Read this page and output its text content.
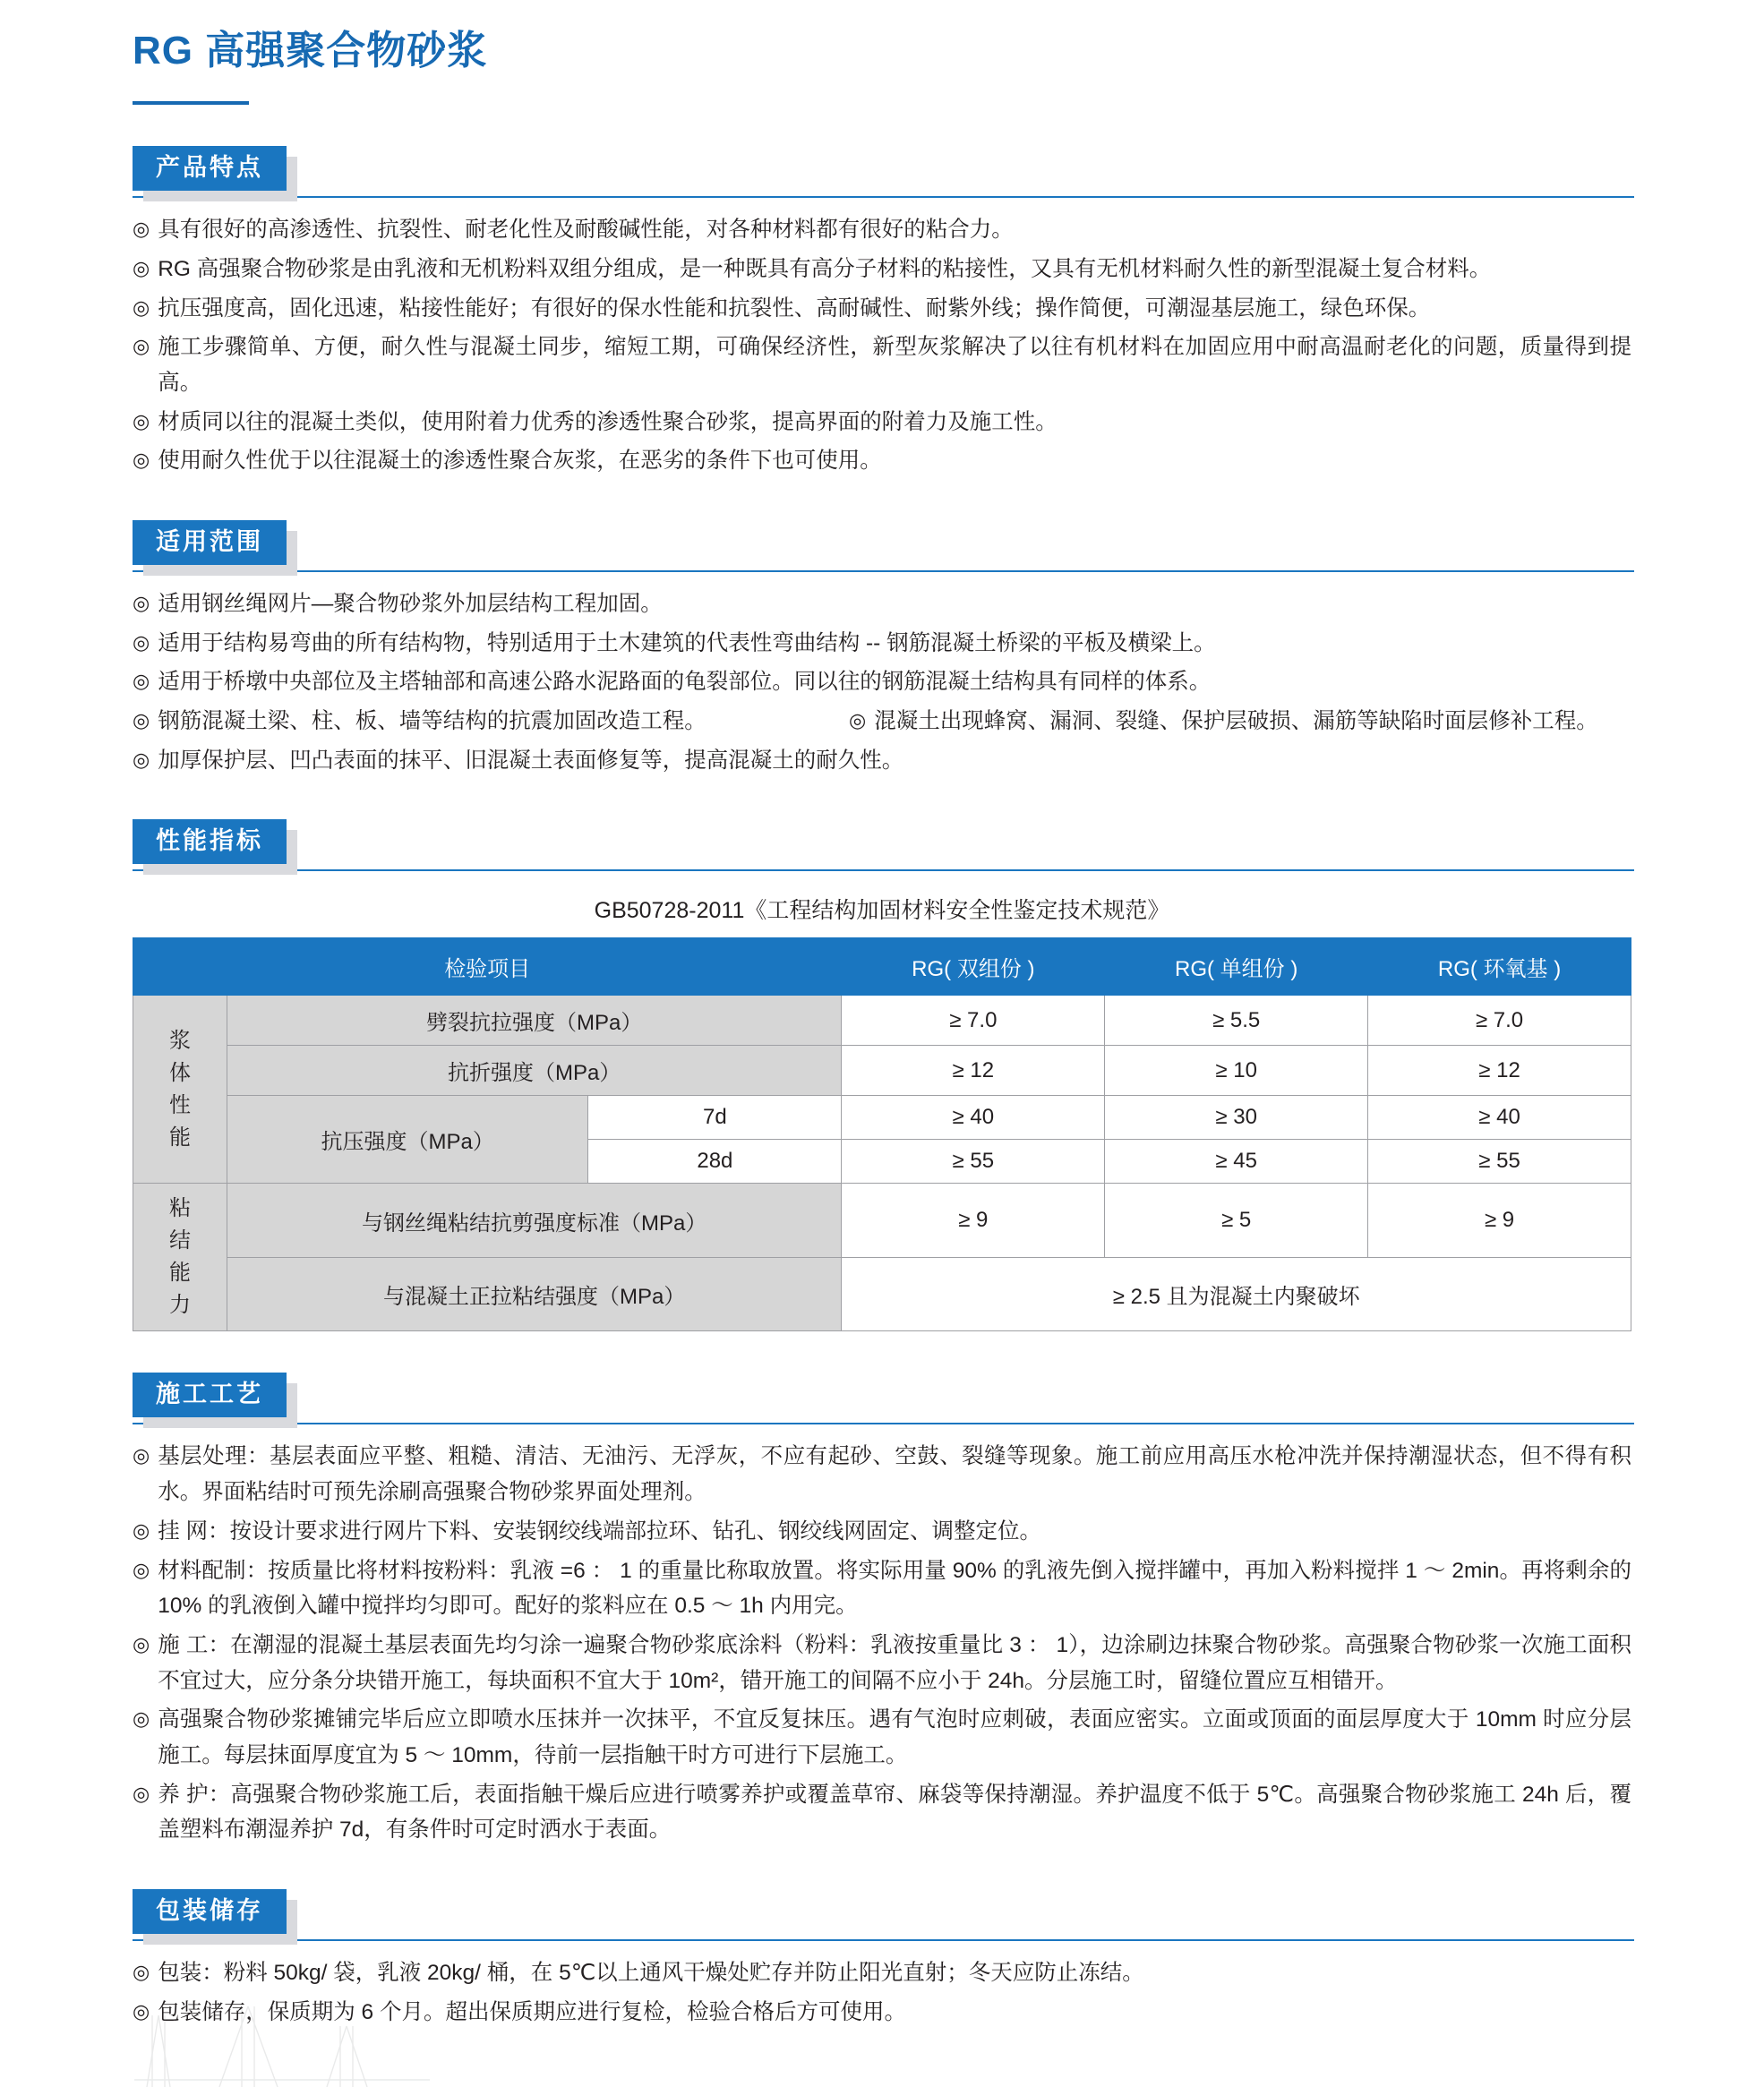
RG 高强聚合物砂浆
产品特点
◎ 具有很好的高渗透性、抗裂性、耐老化性及耐酸碱性能，对各种材料都有很好的粘合力。
◎ RG 高强聚合物砂浆是由乳液和无机粉料双组分组成，是一种既具有高分子材料的粘接性，又具有无机材料耐久性的新型混凝土复合材料。
◎ 抗压强度高，固化迅速，粘接性能好；有很好的保水性能和抗裂性、高耐碱性、耐紫外线；操作简便，可潮湿基层施工，绿色环保。
◎ 施工步骤简单、方便，耐久性与混凝土同步，缩短工期，可确保经济性，新型灰浆解决了以往有机材料在加固应用中耐高温耐老化的问题，质量得到提高。
◎ 材质同以往的混凝土类似，使用附着力优秀的渗透性聚合砂浆，提高界面的附着力及施工性。
◎ 使用耐久性优于以往混凝土的渗透性聚合灰浆，在恶劣的条件下也可使用。
适用范围
◎ 适用钢丝绳网片—聚合物砂浆外加层结构工程加固。
◎ 适用于结构易弯曲的所有结构物，特别适用于土木建筑的代表性弯曲结构 -- 钢筋混凝土桥梁的平板及横梁上。
◎ 适用于桥墩中央部位及主塔轴部和高速公路水泥路面的龟裂部位。同以往的钢筋混凝土结构具有同样的体系。
◎ 钢筋混凝土梁、柱、板、墙等结构的抗震加固改造工程。	◎ 混凝土出现蜂窝、漏洞、裂缝、保护层破损、漏筋等缺陷时面层修补工程。
◎ 加厚保护层、凹凸表面的抹平、旧混凝土表面修复等，提高混凝土的耐久性。
性能指标
GB50728-2011《工程结构加固材料安全性鉴定技术规范》
检验项目			RG( 双组份 )	RG( 单组份 )	RG( 环氧基 )

浆
体
性
能	劈裂抗拉强度（MPa）		≥ 7.0	≥ 5.5	≥ 7.0
	抗折强度（MPa）		≥ 12	≥ 10	≥ 12
	抗压强度（MPa）	7d	≥ 40	≥ 30	≥ 40
		28d	≥ 55	≥ 45	≥ 55

粘
结
能
力	与钢丝绳粘结抗剪强度标准（MPa）		≥ 9	≥ 5	≥ 9
	与混凝土正拉粘结强度（MPa）		≥ 2.5 且为混凝土内聚破坏		
施工工艺
◎ 基层处理：基层表面应平整、粗糙、清洁、无油污、无浮灰，不应有起砂、空鼓、裂缝等现象。施工前应用高压水枪冲洗并保持潮湿状态，但不得有积水。界面粘结时可预先涂刷高强聚合物砂浆界面处理剂。
◎ 挂 网：按设计要求进行网片下料、安装钢绞线端部拉环、钻孔、钢绞线网固定、调整定位。
◎ 材料配制：按质量比将材料按粉料：乳液 =6 ： 1 的重量比称取放置。将实际用量 90% 的乳液先倒入搅拌罐中，再加入粉料搅拌 1 ～ 2min。再将剩余的 10% 的乳液倒入罐中搅拌均匀即可。配好的浆料应在 0.5 ～ 1h 内用完。
◎ 施 工：在潮湿的混凝土基层表面先均匀涂一遍聚合物砂浆底涂料（粉料：乳液按重量比 3 ： 1），边涂刷边抹聚合物砂浆。高强聚合物砂浆一次施工面积不宜过大，应分条分块错开施工，每块面积不宜大于 10m²，错开施工的间隔不应小于 24h。分层施工时，留缝位置应互相错开。
◎ 高强聚合物砂浆摊铺完毕后应立即喷水压抹并一次抹平，不宜反复抹压。遇有气泡时应刺破，表面应密实。立面或顶面的面层厚度大于 10mm 时应分层施工。每层抹面厚度宜为 5 ～ 10mm，待前一层指触干时方可进行下层施工。
◎ 养 护：高强聚合物砂浆施工后，表面指触干燥后应进行喷雾养护或覆盖草帘、麻袋等保持潮湿。养护温度不低于 5℃。高强聚合物砂浆施工 24h 后，覆盖塑料布潮湿养护 7d，有条件时可定时洒水于表面。
包装储存
◎ 包装：粉料 50kg/ 袋，乳液 20kg/ 桶，在 5℃以上通风干燥处贮存并防止阳光直射；冬天应防止冻结。
◎ 包装储存，保质期为 6 个月。超出保质期应进行复检，检验合格后方可使用。
